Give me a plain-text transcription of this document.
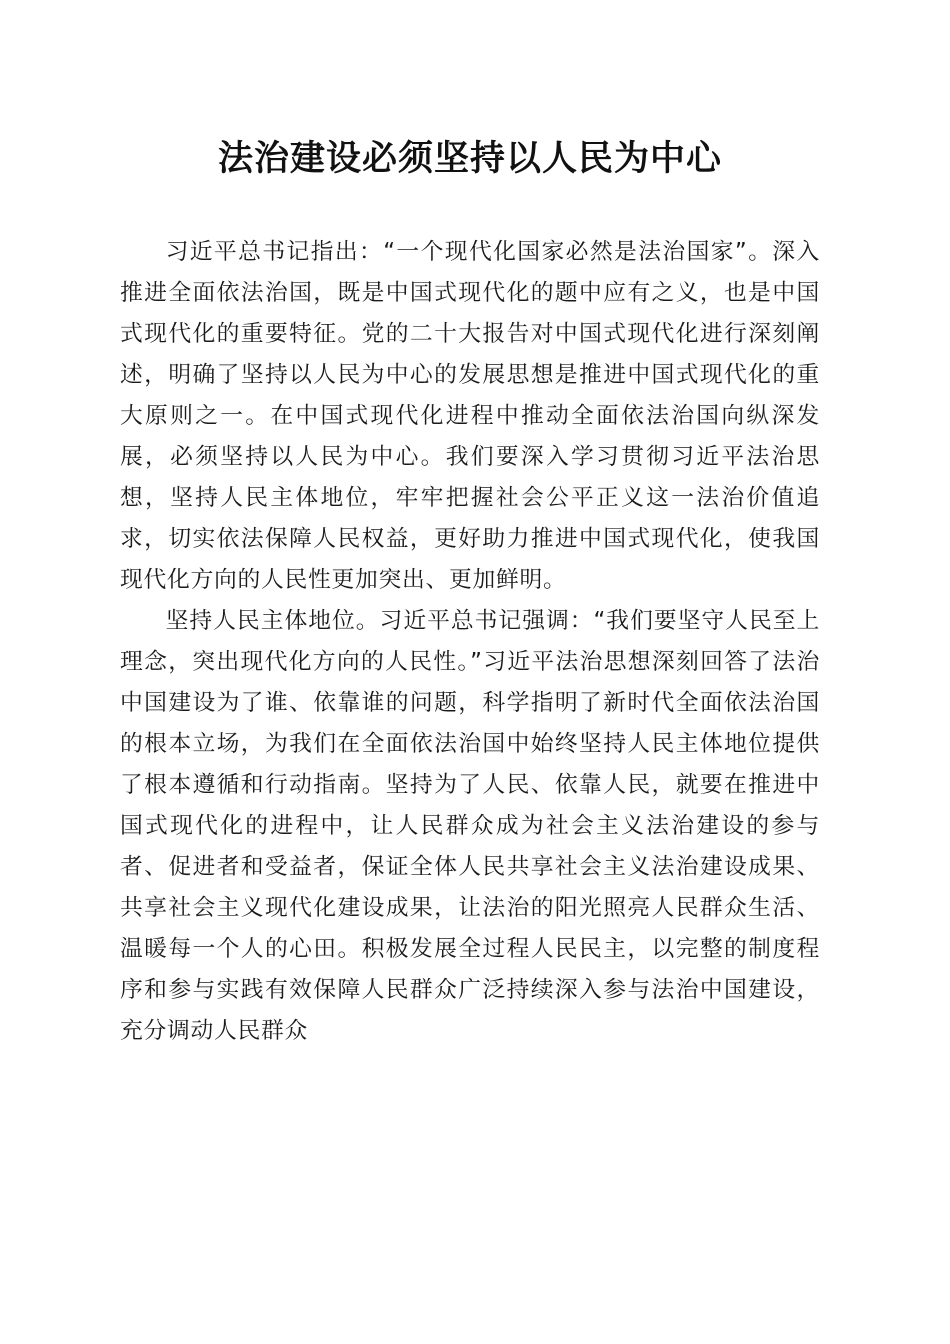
法治建设必须坚持以人民为中心

习近平总书记指出：“一个现代化国家必然是法治国家”。深入推进全面依法治国，既是中国式现代化的题中应有之义，也是中国式现代化的重要特征。党的二十大报告对中国式现代化进行深刻阐述，明确了坚持以人民为中心的发展思想是推进中国式现代化的重大原则之一。在中国式现代化进程中推动全面依法治国向纵深发展，必须坚持以人民为中心。我们要深入学习贯彻习近平法治思想，坚持人民主体地位，牢牢把握社会公平正义这一法治价值追求，切实依法保障人民权益，更好助力推进中国式现代化，使我国现代化方向的人民性更加突出、更加鲜明。

坚持人民主体地位。习近平总书记强调：“我们要坚守人民至上理念，突出现代化方向的人民性。”习近平法治思想深刻回答了法治中国建设为了谁、依靠谁的问题，科学指明了新时代全面依法治国的根本立场，为我们在全面依法治国中始终坚持人民主体地位提供了根本遵循和行动指南。坚持为了人民、依靠人民，就要在推进中国式现代化的进程中，让人民群众成为社会主义法治建设的参与者、促进者和受益者，保证全体人民共享社会主义法治建设成果、共享社会主义现代化建设成果，让法治的阳光照亮人民群众生活、温暖每一个人的心田。积极发展全过程人民民主，以完整的制度程序和参与实践有效保障人民群众广泛持续深入参与法治中国建设，充分调动人民群众
